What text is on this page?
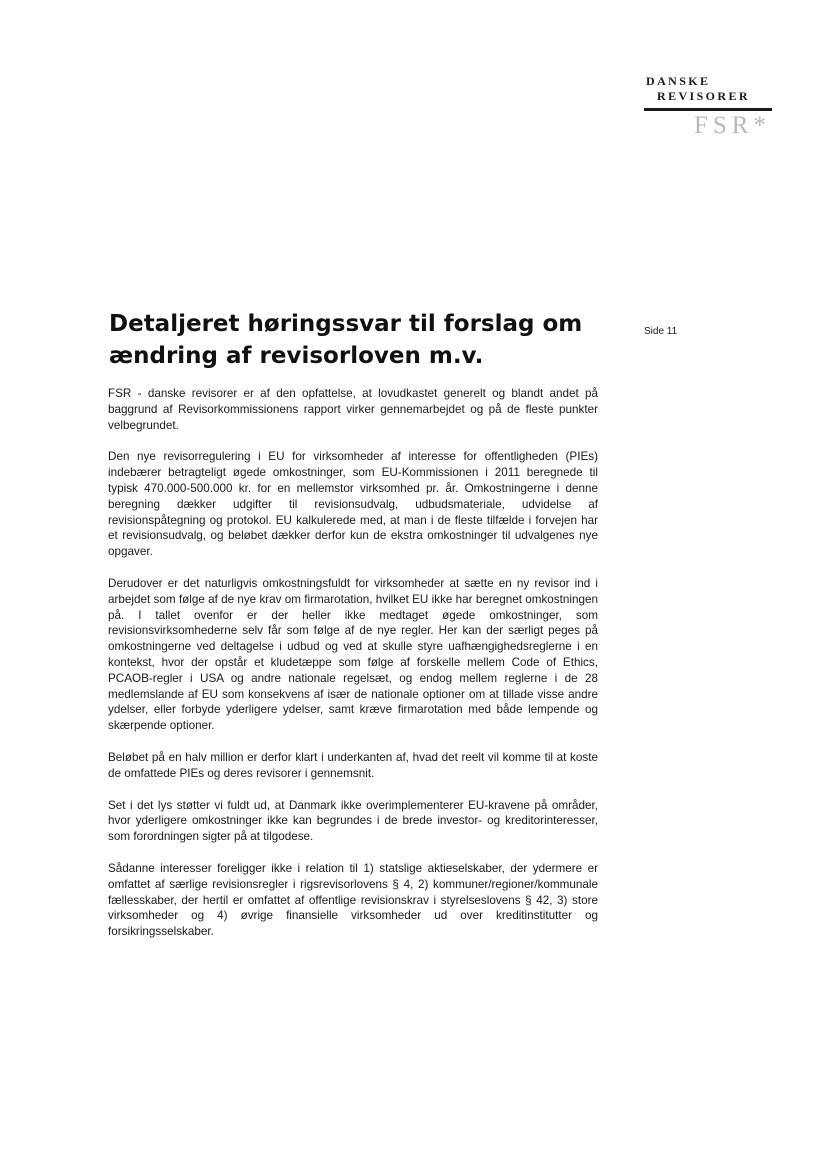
DANSKE
REVISORER
FSR*
Side 11
Detaljeret høringssvar til forslag om ændring af revisorloven m.v.

FSR - danske revisorer er af den opfattelse, at lovudkastet generelt og blandt andet på baggrund af Revisorkommissionens rapport virker gennemarbejdet og på de fleste punkter velbegrundet.

Den nye revisorregulering i EU for virksomheder af interesse for offentligheden (PIEs) indebærer betragteligt øgede omkostninger, som EU-Kommissionen i 2011 beregnede til typisk 470.000-500.000 kr. for en mellemstor virksomhed pr. år. Omkostningerne i denne beregning dækker udgifter til revisionsudvalg, udbudsmateriale, udvidelse af revisionspåtegning og protokol. EU kalkulerede med, at man i de fleste tilfælde i forvejen har et revisionsudvalg, og beløbet dækker derfor kun de ekstra omkostninger til udvalgenes nye opgaver.

Derudover er det naturligvis omkostningsfuldt for virksomheder at sætte en ny revisor ind i arbejdet som følge af de nye krav om firmarotation, hvilket EU ikke har beregnet omkostningen på. I tallet ovenfor er der heller ikke medtaget øgede omkostninger, som revisionsvirksomhederne selv får som følge af de nye regler. Her kan der særligt peges på omkostningerne ved deltagelse i udbud og ved at skulle styre uafhængighedsreglerne i en kontekst, hvor der opstår et kludetæppe som følge af forskelle mellem Code of Ethics, PCAOB-regler i USA og andre nationale regelsæt, og endog mellem reglerne i de 28 medlemslande af EU som konsekvens af især de nationale optioner om at tillade visse andre ydelser, eller forbyde yderligere ydelser, samt kræve firmarotation med både lempende og skærpende optioner.

Beløbet på en halv million er derfor klart i underkanten af, hvad det reelt vil komme til at koste de omfattede PIEs og deres revisorer i gennemsnit.

Set i det lys støtter vi fuldt ud, at Danmark ikke overimplementerer EU-kravene på områder, hvor yderligere omkostninger ikke kan begrundes i de brede investor- og kreditorinteresser, som forordningen sigter på at tilgodese.

Sådanne interesser foreligger ikke i relation til 1) statslige aktieselskaber, der ydermere er omfattet af særlige revisionsregler i rigsrevisorlovens § 4, 2) kommuner/regioner/kommunale fællesskaber, der hertil er omfattet af offentlige revisionskrav i styrelseslovens § 42, 3) store virksomheder og 4) øvrige finansielle virksomheder ud over kreditinstitutter og forsikringsselskaber.
